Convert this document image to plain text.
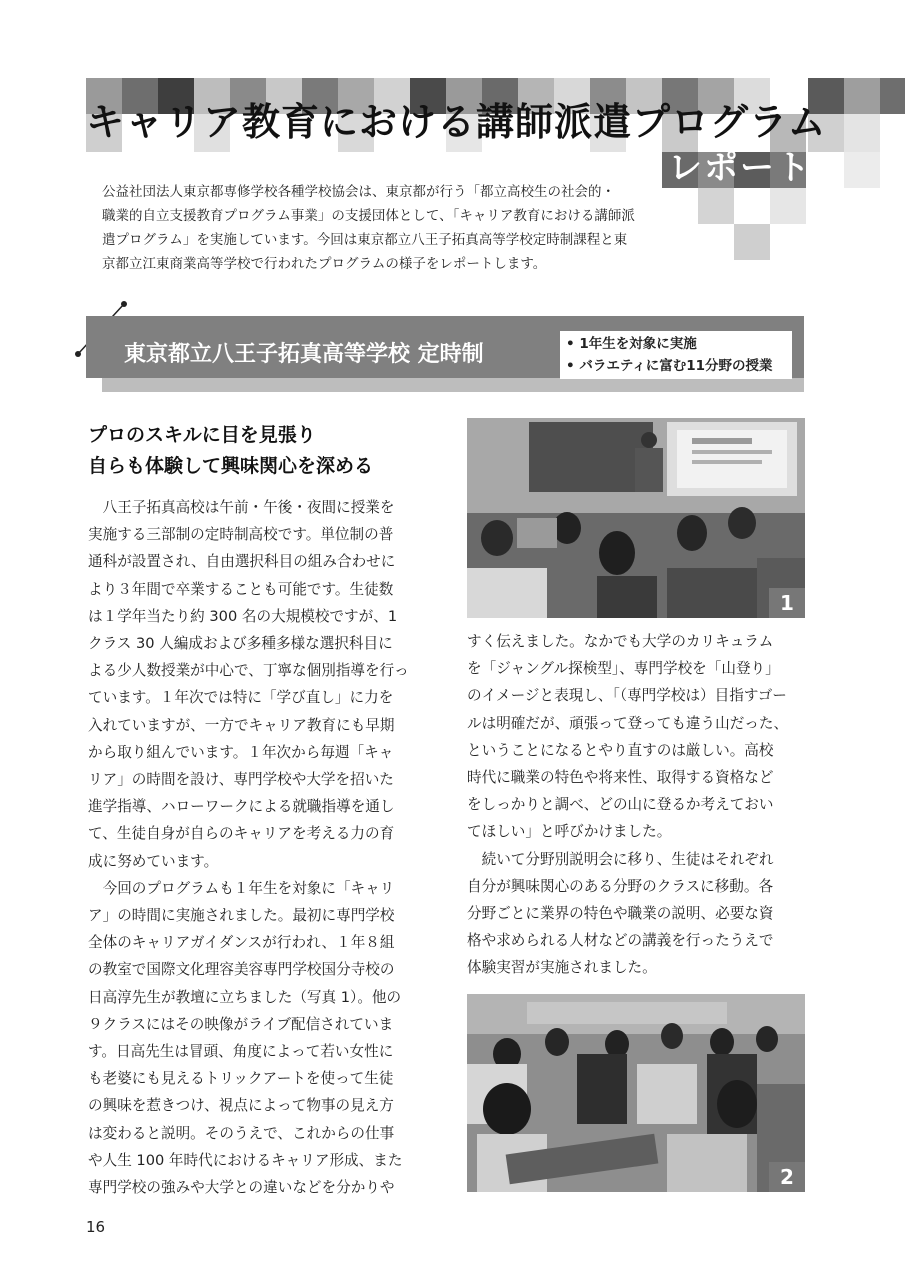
キャリア教育における講師派遣プログラム
レポート
公益社団法人東京都専修学校各種学校協会は、東京都が行う「都立高校生の社会的・
職業的自立支援教育プログラム事業」の支援団体として、「キャリア教育における講師派
遣プログラム」を実施しています。今回は東京都立八王子拓真高等学校定時制課程と東
京都立江東商業高等学校で行われたプログラムの様子をレポートします。
東京都立八王子拓真高等学校 定時制	• 1年生を対象に実施
• バラエティに富む11分野の授業
プロのスキルに目を見張り
自らも体験して興味関心を深める
八王子拓真高校は午前・午後・夜間に授業を
実施する三部制の定時制高校です。単位制の普
通科が設置され、自由選択科目の組み合わせに
より３年間で卒業することも可能です。生徒数
は１学年当たり約 300 名の大規模校ですが、1
クラス 30 人編成および多種多様な選択科目に
よる少人数授業が中心で、丁寧な個別指導を行っ
ています。１年次では特に「学び直し」に力を
入れていますが、一方でキャリア教育にも早期
から取り組んでいます。１年次から毎週「キャ
リア」の時間を設け、専門学校や大学を招いた
進学指導、ハローワークによる就職指導を通し
て、生徒自身が自らのキャリアを考える力の育
成に努めています。
今回のプログラムも１年生を対象に「キャリ
ア」の時間に実施されました。最初に専門学校
全体のキャリアガイダンスが行われ、１年８組
の教室で国際文化理容美容専門学校国分寺校の
日高淳先生が教壇に立ちました（写真 1）。他の
９クラスにはその映像がライブ配信されていま
す。日高先生は冒頭、角度によって若い女性に
も老婆にも見えるトリックアートを使って生徒
の興味を惹きつけ、視点によって物事の見え方
は変わると説明。そのうえで、これからの仕事
や人生 100 年時代におけるキャリア形成、また
専門学校の強みや大学との違いなどを分かりや
すく伝えました。なかでも大学のカリキュラム
を「ジャングル探検型」、専門学校を「山登り」
のイメージと表現し、「（専門学校は）目指すゴー
ルは明確だが、頑張って登っても違う山だった、
ということになるとやり直すのは厳しい。高校
時代に職業の特色や将来性、取得する資格など
をしっかりと調べ、どの山に登るか考えておい
てほしい」と呼びかけました。
続いて分野別説明会に移り、生徒はそれぞれ
自分が興味関心のある分野のクラスに移動。各
分野ごとに業界の特色や職業の説明、必要な資
格や求められる人材などの講義を行ったうえで
体験実習が実施されました。
1
2
16
